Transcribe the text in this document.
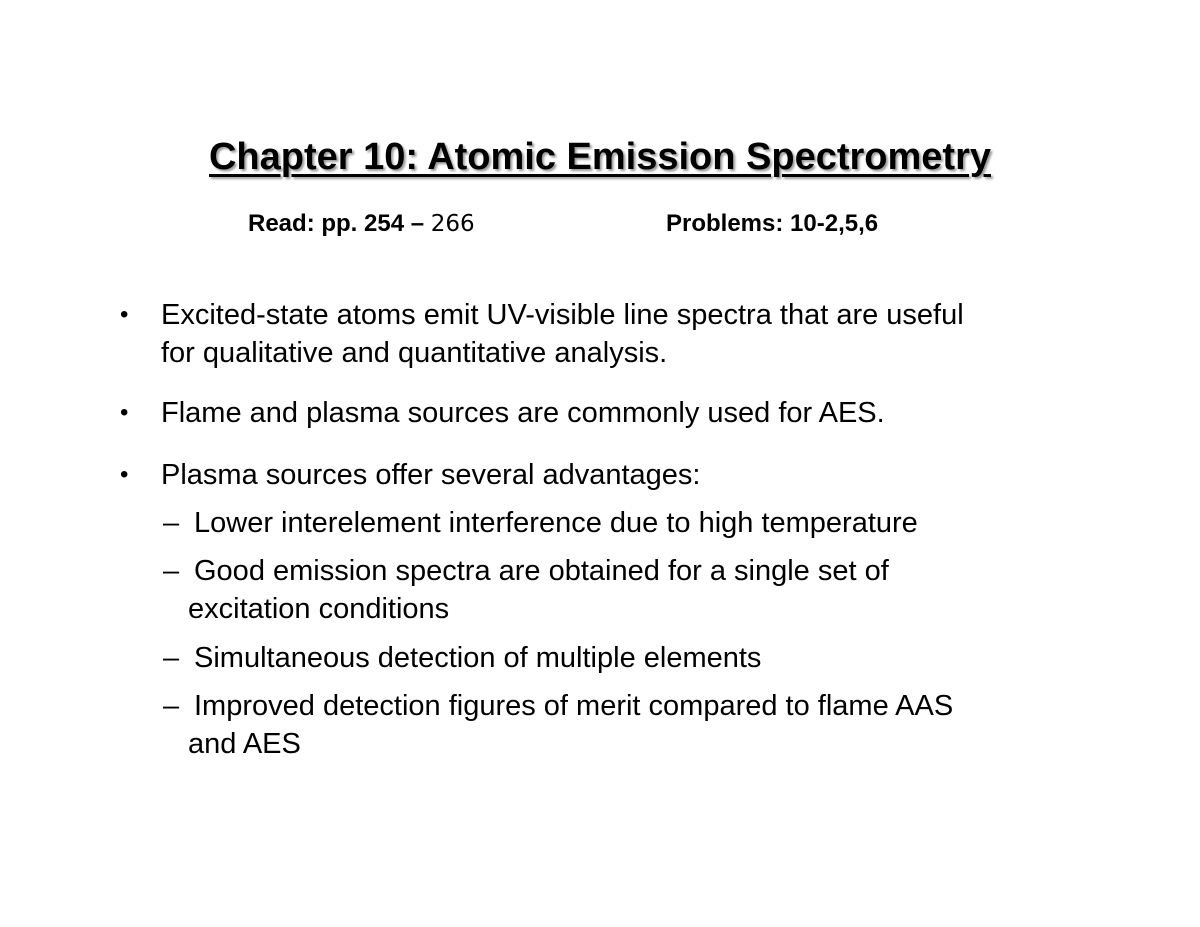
Chapter 10: Atomic Emission Spectrometry
Read: pp. 254 – 266	Problems: 10-2,5,6
•	Excited-state atoms emit UV-visible line spectra that are useful
for qualitative and quantitative analysis.
•	Flame and plasma sources are commonly used for AES.
•	Plasma sources offer several advantages:
– Lower interelement interference due to high temperature
– Good emission spectra are obtained for a single set of
excitation conditions
– Simultaneous detection of multiple elements
– Improved detection figures of merit compared to flame AAS
and AES
